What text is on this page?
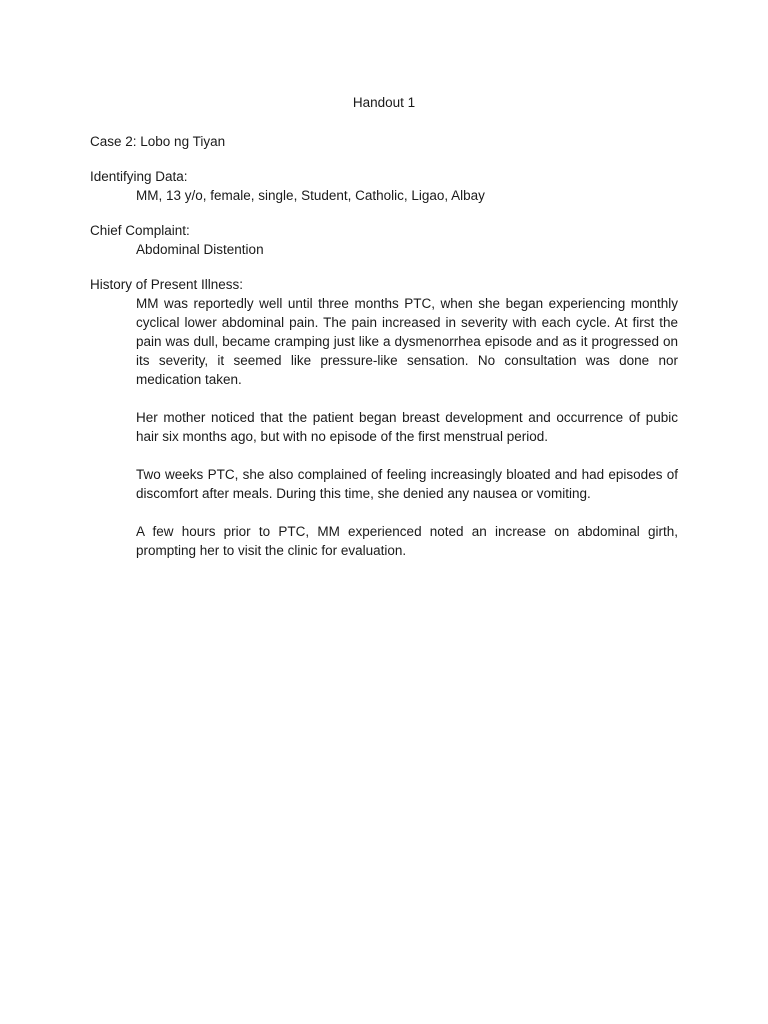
Handout 1

Case 2: Lobo ng Tiyan

Identifying Data:

MM, 13 y/o, female, single, Student, Catholic, Ligao, Albay

Chief Complaint:

Abdominal Distention

History of Present Illness:

MM was reportedly well until three months PTC, when she began experiencing monthly cyclical lower abdominal pain. The pain increased in severity with each cycle. At first the pain was dull, became cramping just like a dysmenorrhea episode and as it progressed on its severity, it seemed like pressure-like sensation. No consultation was done nor medication taken.

Her mother noticed that the patient began breast development and occurrence of pubic hair six months ago, but with no episode of the first menstrual period.

Two weeks PTC, she also complained of feeling increasingly bloated and had episodes of discomfort after meals. During this time, she denied any nausea or vomiting.

A few hours prior to PTC, MM experienced noted an increase on abdominal girth, prompting her to visit the clinic for evaluation.
